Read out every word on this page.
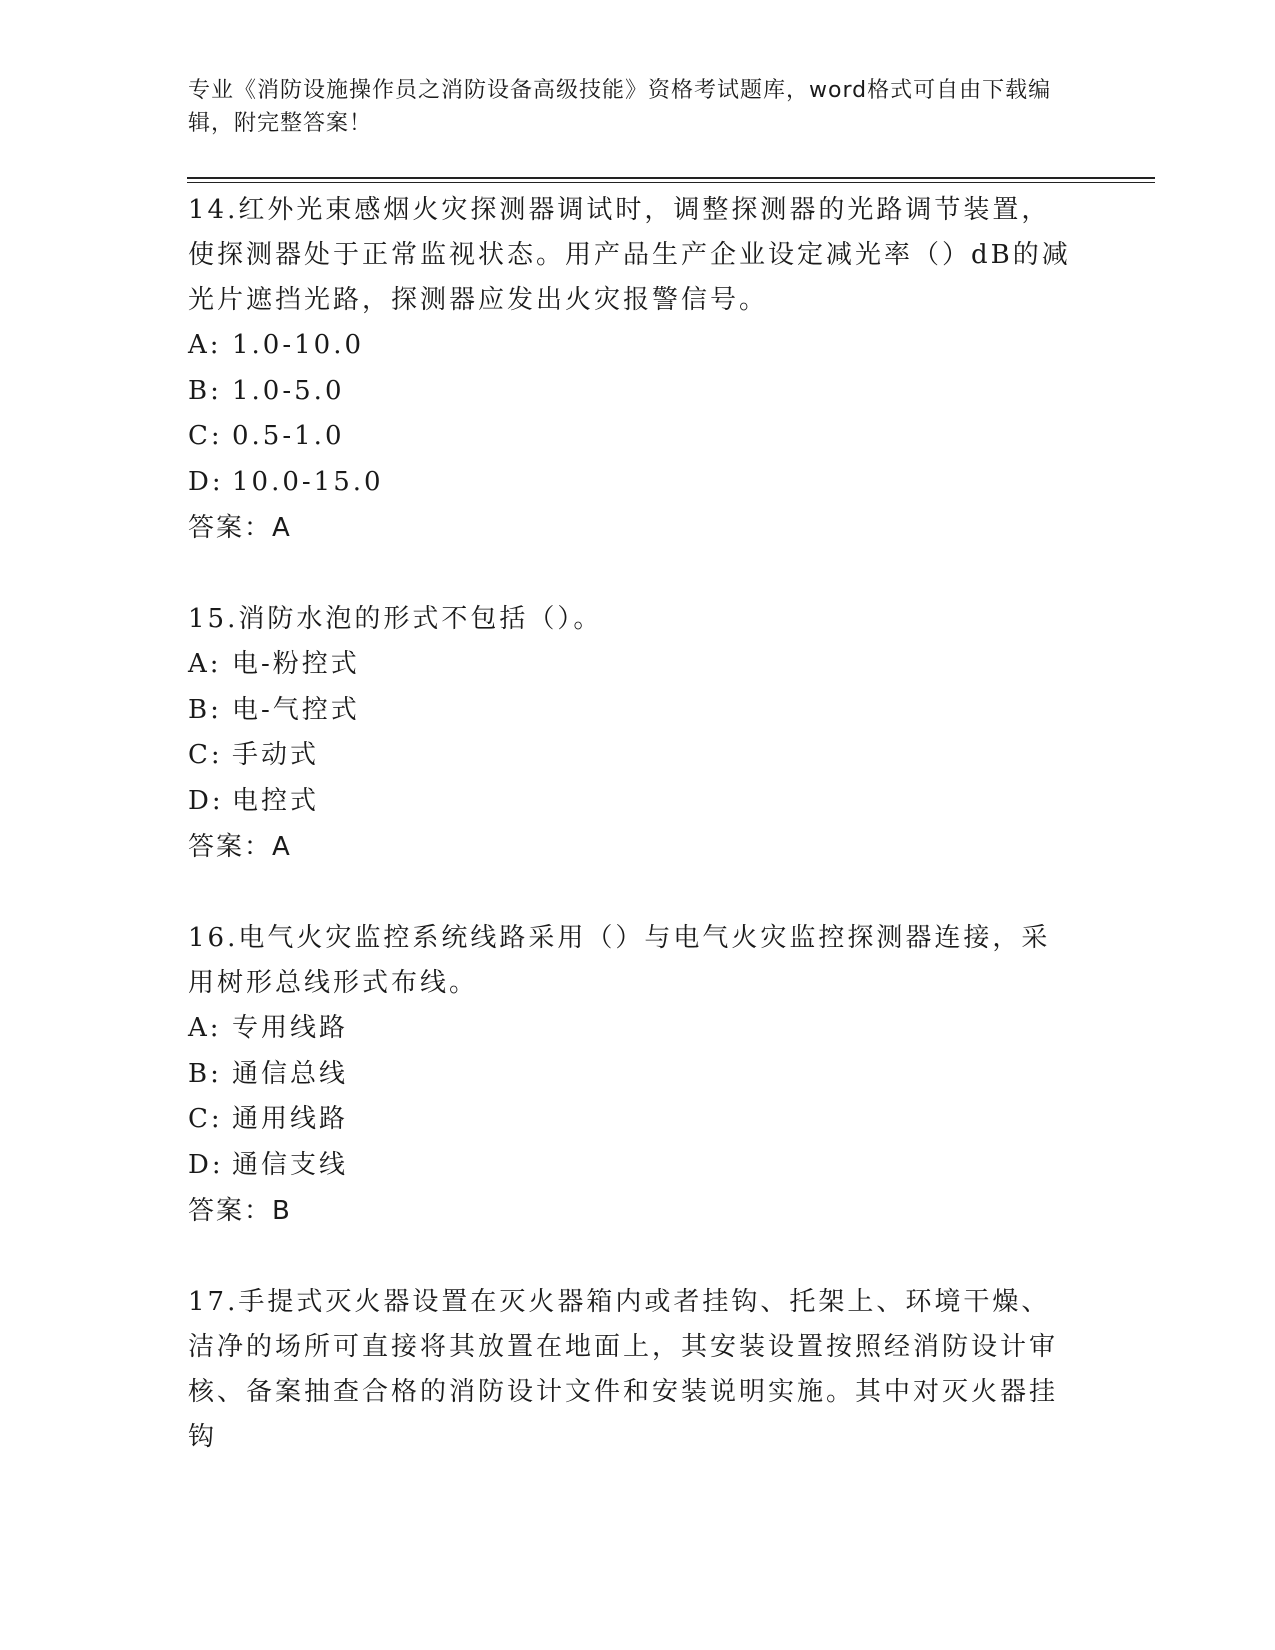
专业《消防设施操作员之消防设备高级技能》资格考试题库，word格式可自由下载编辑，附完整答案！

14.红外光束感烟火灾探测器调试时，调整探测器的光路调节装置，使探测器处于正常监视状态。用产品生产企业设定减光率（）dB的减光片遮挡光路，探测器应发出火灾报警信号。

A: 1.0-10.0

B: 1.0-5.0

C: 0.5-1.0

D: 10.0-15.0

答案：A

15.消防水泡的形式不包括（）。

A: 电-粉控式

B: 电-气控式

C: 手动式

D: 电控式

答案：A

16.电气火灾监控系统线路采用（）与电气火灾监控探测器连接，采用树形总线形式布线。

A: 专用线路

B: 通信总线

C: 通用线路

D: 通信支线

答案：B

17.手提式灭火器设置在灭火器箱内或者挂钩、托架上、环境干燥、洁净的场所可直接将其放置在地面上，其安装设置按照经消防设计审核、备案抽查合格的消防设计文件和安装说明实施。其中对灭火器挂钩
